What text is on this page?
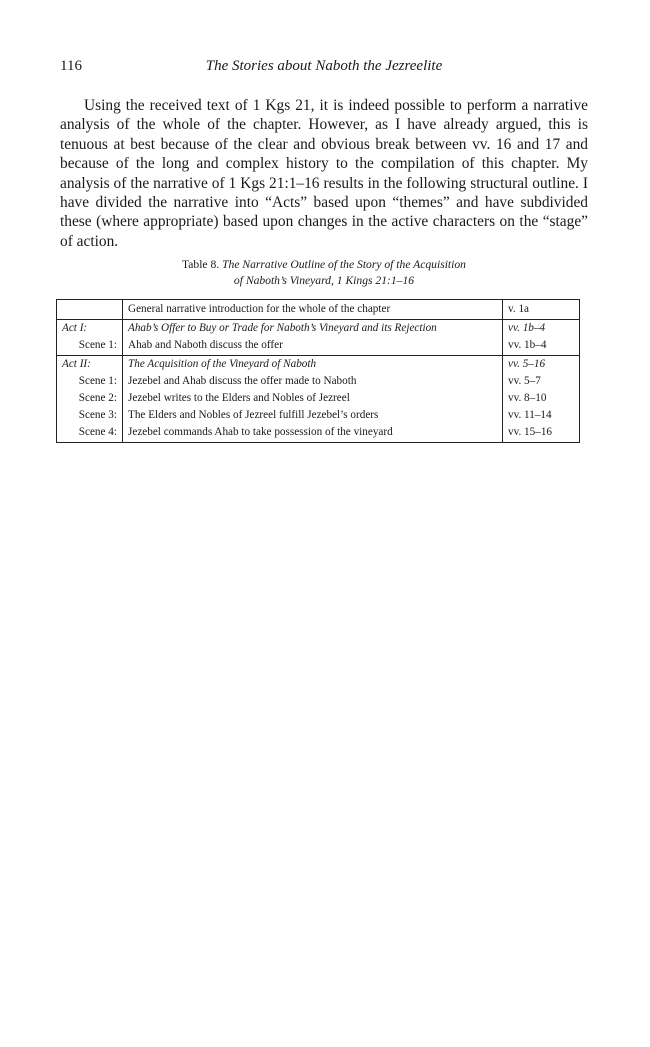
116	The Stories about Naboth the Jezreelite

Using the received text of 1 Kgs 21, it is indeed possible to perform a narrative analysis of the whole of the chapter. However, as I have already argued, this is tenuous at best because of the clear and obvious break between vv. 16 and 17 and because of the long and complex history to the compilation of this chapter. My analysis of the narrative of 1 Kgs 21:1–16 results in the following structural outline. I have divided the narrative into “Acts” based upon “themes” and have subdivided these (where appropriate) based upon changes in the active characters on the “stage” of action.

Table 8. The Narrative Outline of the Story of the Acquisition
of Naboth’s Vineyard, 1 Kings 21:1–16
	General narrative introduction for the whole of the chapter	v. 1a
Act I:	Ahab’s Offer to Buy or Trade for Naboth’s Vineyard and its Rejection	vv. 1b–4
Scene 1:	Ahab and Naboth discuss the offer	vv. 1b–4
Act II:	The Acquisition of the Vineyard of Naboth	vv. 5–16
Scene 1:	Jezebel and Ahab discuss the offer made to Naboth	vv. 5–7
Scene 2:	Jezebel writes to the Elders and Nobles of Jezreel	vv. 8–10
Scene 3:	The Elders and Nobles of Jezreel fulfill Jezebel’s orders	vv. 11–14
Scene 4:	Jezebel commands Ahab to take possession of the vineyard	vv. 15–16
